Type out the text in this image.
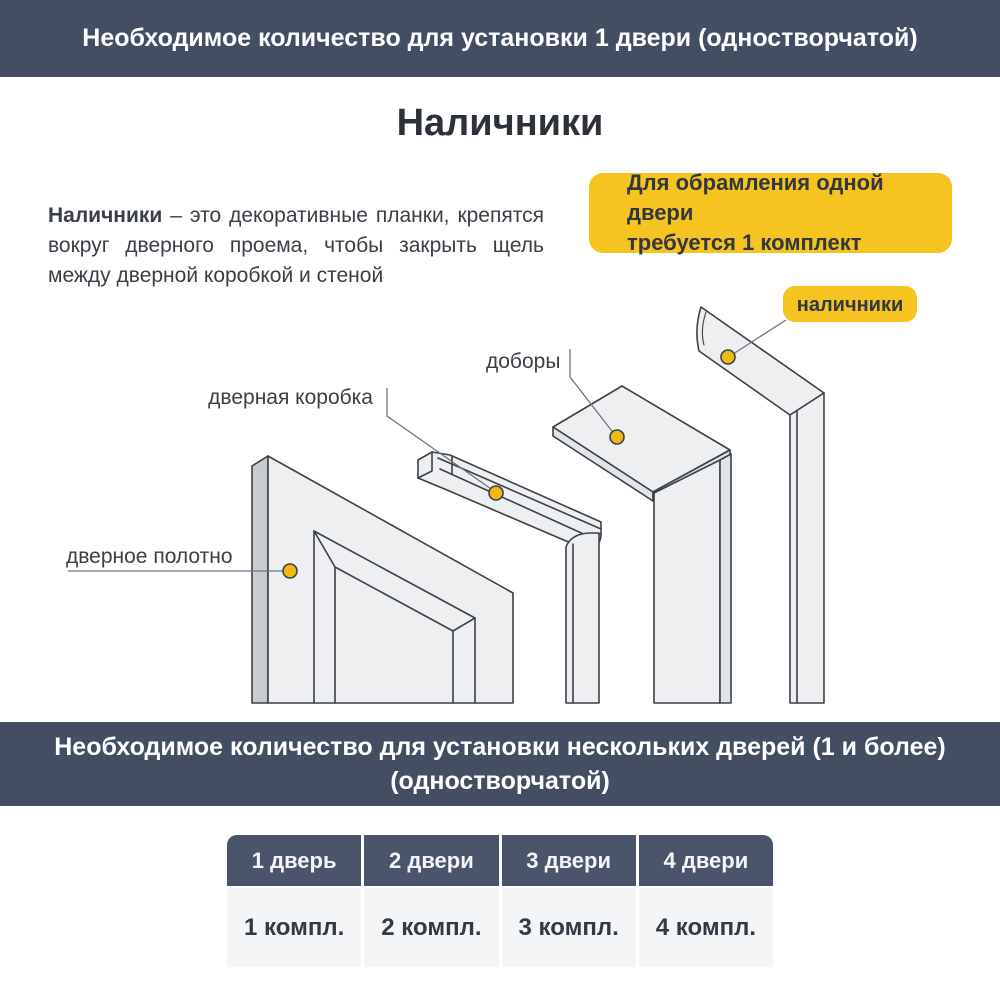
Необходимое количество для установки 1 двери (одностворчатой)
Наличники

Наличники – это декоративные планки, крепятся вокруг дверного проема, чтобы закрыть щель между дверной коробкой и стеной

Для обрамления одной двери
требуется 1 комплект
дверное полотно
дверная коробка
доборы
наличники
Необходимое количество для установки нескольких дверей (1 и более)
(одностворчатой)
1 дверь	2 двери	3 двери	4 двери
1 компл.	2 компл.	3 компл.	4 компл.
